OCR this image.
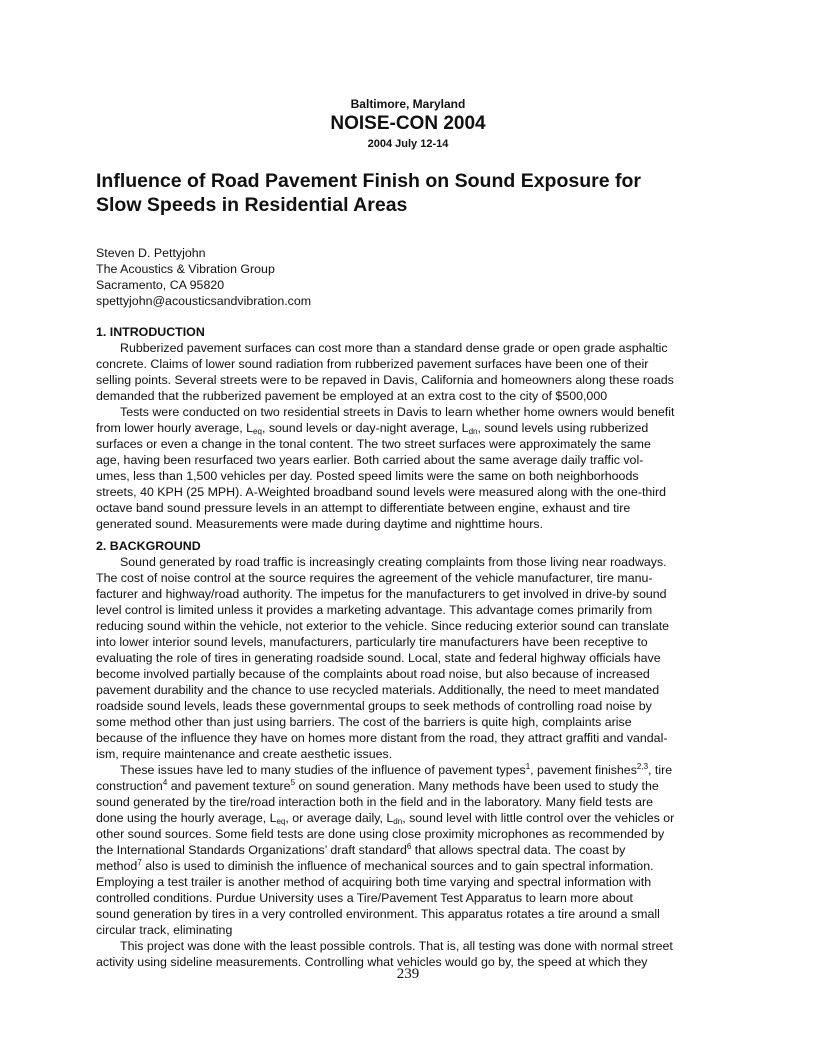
Baltimore, Maryland
NOISE-CON 2004
2004 July 12-14
Influence of Road Pavement Finish on Sound Exposure for
Slow Speeds in Residential Areas
Steven D. Pettyjohn
The Acoustics & Vibration Group
Sacramento, CA 95820
spettyjohn@acousticsandvibration.com
1. INTRODUCTION
Rubberized pavement surfaces can cost more than a standard dense grade or open grade asphaltic
concrete. Claims of lower sound radiation from rubberized pavement surfaces have been one of their
selling points. Several streets were to be repaved in Davis, California and homeowners along these roads
demanded that the rubberized pavement be employed at an extra cost to the city of $500,000
Tests were conducted on two residential streets in Davis to learn whether home owners would benefit
from lower hourly average, $L_{eq}$, sound levels or day-night average, $L_{dn}$, sound levels using rubberized
surfaces or even a change in the tonal content. The two street surfaces were approximately the same
age, having been resurfaced two years earlier. Both carried about the same average daily traffic vol-
umes, less than 1,500 vehicles per day. Posted speed limits were the same on both neighborhoods
streets, 40 KPH (25 MPH). A-Weighted broadband sound levels were measured along with the one-third
octave band sound pressure levels in an attempt to differentiate between engine, exhaust and tire
generated sound. Measurements were made during daytime and nighttime hours.
2. BACKGROUND
Sound generated by road traffic is increasingly creating complaints from those living near roadways.
The cost of noise control at the source requires the agreement of the vehicle manufacturer, tire manu-
facturer and highway/road authority. The impetus for the manufacturers to get involved in drive-by sound
level control is limited unless it provides a marketing advantage. This advantage comes primarily from
reducing sound within the vehicle, not exterior to the vehicle. Since reducing exterior sound can translate
into lower interior sound levels, manufacturers, particularly tire manufacturers have been receptive to
evaluating the role of tires in generating roadside sound. Local, state and federal highway officials have
become involved partially because of the complaints about road noise, but also because of increased
pavement durability and the chance to use recycled materials. Additionally, the need to meet mandated
roadside sound levels, leads these governmental groups to seek methods of controlling road noise by
some method other than just using barriers. The cost of the barriers is quite high, complaints arise
because of the influence they have on homes more distant from the road, they attract graffiti and vandal-
ism, require maintenance and create aesthetic issues.
These issues have led to many studies of the influence of pavement types$^1$, pavement finishes$^{2,3}$, tire
construction$^4$ and pavement texture$^5$ on sound generation. Many methods have been used to study the
sound generated by the tire/road interaction both in the field and in the laboratory. Many field tests are
done using the hourly average, $L_{eq}$, or average daily, $L_{dn}$, sound level with little control over the vehicles or
other sound sources. Some field tests are done using close proximity microphones as recommended by
the International Standards Organizations’ draft standard$^6$ that allows spectral data. The coast by
method$^7$ also is used to diminish the influence of mechanical sources and to gain spectral information.
Employing a test trailer is another method of acquiring both time varying and spectral information with
controlled conditions. Purdue University uses a Tire/Pavement Test Apparatus to learn more about
sound generation by tires in a very controlled environment. This apparatus rotates a tire around a small
circular track, eliminating
This project was done with the least possible controls. That is, all testing was done with normal street
activity using sideline measurements. Controlling what vehicles would go by, the speed at which they
239
